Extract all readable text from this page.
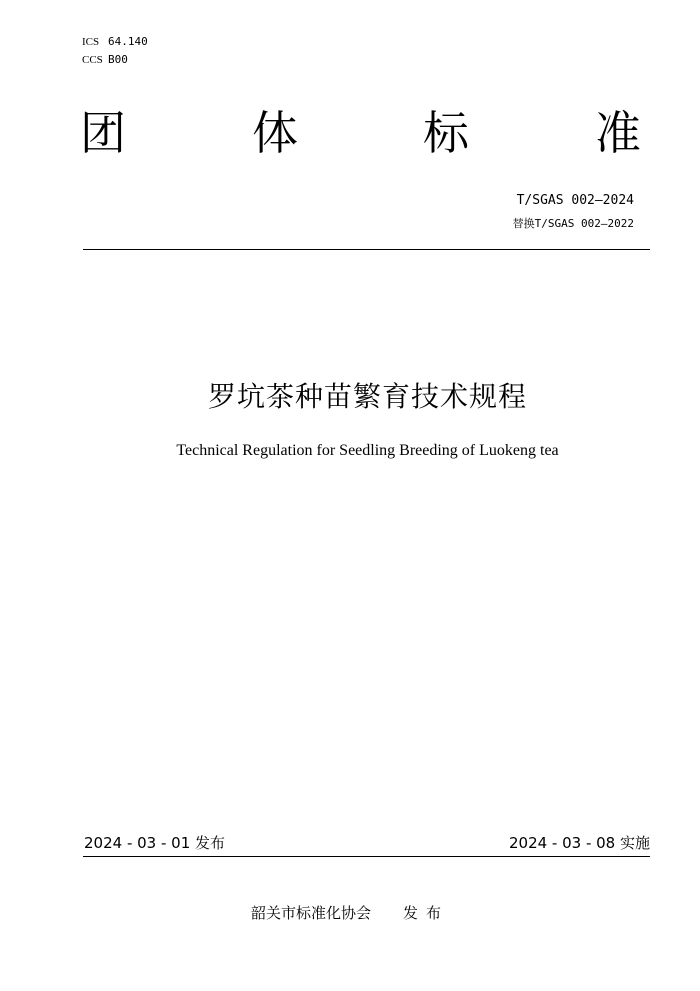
ICS 64.140
CCS B00
团	体	标	准
T/SGAS 002—2024
替换T/SGAS 002—2022
罗坑茶种苗繁育技术规程
Technical Regulation for Seedling Breeding of Luokeng tea
2024 - 03 - 01 发布	2024 - 03 - 08 实施
韶关市标准化协会 发布
